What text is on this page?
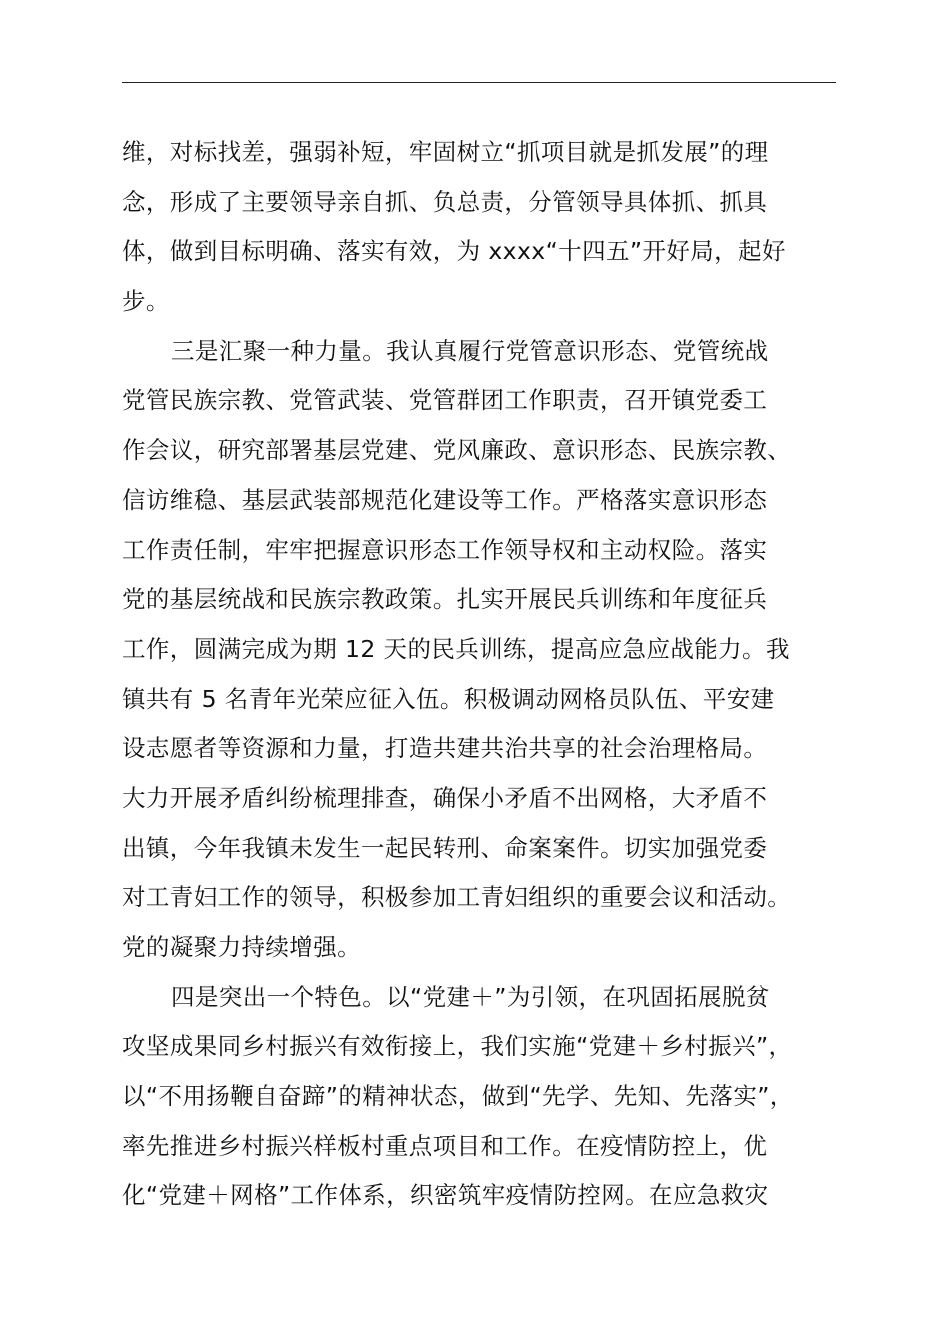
维，对标找差，强弱补短，牢固树立“抓项目就是抓发展”的理
念，形成了主要领导亲自抓、负总责，分管领导具体抓、抓具
体，做到目标明确、落实有效，为 xxxx“十四五”开好局，起好
步。
三是汇聚一种力量。我认真履行党管意识形态、党管统战
党管民族宗教、党管武装、党管群团工作职责，召开镇党委工
作会议，研究部署基层党建、党风廉政、意识形态、民族宗教、
信访维稳、基层武装部规范化建设等工作。严格落实意识形态
工作责任制，牢牢把握意识形态工作领导权和主动权险。落实
党的基层统战和民族宗教政策。扎实开展民兵训练和年度征兵
工作，圆满完成为期 12 天的民兵训练，提高应急应战能力。我
镇共有 5 名青年光荣应征入伍。积极调动网格员队伍、平安建
设志愿者等资源和力量，打造共建共治共享的社会治理格局。
大力开展矛盾纠纷梳理排查，确保小矛盾不出网格，大矛盾不
出镇，今年我镇未发生一起民转刑、命案案件。切实加强党委
对工青妇工作的领导，积极参加工青妇组织的重要会议和活动。
党的凝聚力持续增强。
四是突出一个特色。以“党建＋”为引领，在巩固拓展脱贫
攻坚成果同乡村振兴有效衔接上，我们实施“党建＋乡村振兴”，
以“不用扬鞭自奋蹄”的精神状态，做到“先学、先知、先落实”，
率先推进乡村振兴样板村重点项目和工作。在疫情防控上，优
化“党建＋网格”工作体系，织密筑牢疫情防控网。在应急救灾
